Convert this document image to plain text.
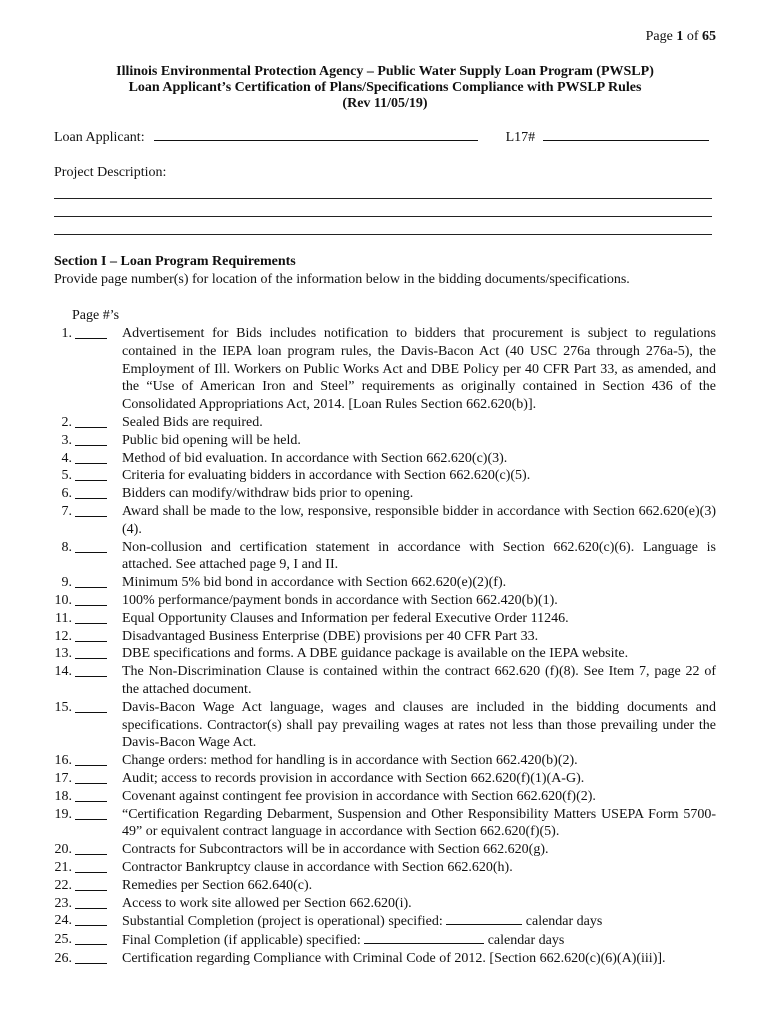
Page 1 of 65
Illinois Environmental Protection Agency – Public Water Supply Loan Program (PWSLP)
Loan Applicant’s Certification of Plans/Specifications Compliance with PWSLP Rules
(Rev 11/05/19)
Loan Applicant:	L17#
Project Description:
Section I – Loan Program Requirements
Provide page number(s) for location of the information below in the bidding documents/specifications.
Page #’s
1.	Advertisement for Bids includes notification to bidders that procurement is subject to regulations contained in the IEPA loan program rules, the Davis-Bacon Act (40 USC 276a through 276a-5), the Employment of Ill. Workers on Public Works Act and DBE Policy per 40 CFR Part 33, as amended, and the “Use of American Iron and Steel” requirements as originally contained in Section 436 of the Consolidated Appropriations Act, 2014. [Loan Rules Section 662.620(b)].
2.	Sealed Bids are required.
3.	Public bid opening will be held.
4.	Method of bid evaluation. In accordance with Section 662.620(c)(3).
5.	Criteria for evaluating bidders in accordance with Section 662.620(c)(5).
6.	Bidders can modify/withdraw bids prior to opening.
7.	Award shall be made to the low, responsive, responsible bidder in accordance with Section 662.620(e)(3)(4).
8.	Non-collusion and certification statement in accordance with Section 662.620(c)(6). Language is attached. See attached page 9, I and II.
9.	Minimum 5% bid bond in accordance with Section 662.620(e)(2)(f).
10.	100% performance/payment bonds in accordance with Section 662.420(b)(1).
11.	Equal Opportunity Clauses and Information per federal Executive Order 11246.
12.	Disadvantaged Business Enterprise (DBE) provisions per 40 CFR Part 33.
13.	DBE specifications and forms. A DBE guidance package is available on the IEPA website.
14.	The Non-Discrimination Clause is contained within the contract 662.620 (f)(8). See Item 7, page 22 of the attached document.
15.	Davis-Bacon Wage Act language, wages and clauses are included in the bidding documents and specifications. Contractor(s) shall pay prevailing wages at rates not less than those prevailing under the Davis-Bacon Wage Act.
16.	Change orders: method for handling is in accordance with Section 662.420(b)(2).
17.	Audit; access to records provision in accordance with Section 662.620(f)(1)(A-G).
18.	Covenant against contingent fee provision in accordance with Section 662.620(f)(2).
19.	“Certification Regarding Debarment, Suspension and Other Responsibility Matters USEPA Form 5700-49” or equivalent contract language in accordance with Section 662.620(f)(5).
20.	Contracts for Subcontractors will be in accordance with Section 662.620(g).
21.	Contractor Bankruptcy clause in accordance with Section 662.620(h).
22.	Remedies per Section 662.640(c).
23.	Access to work site allowed per Section 662.620(i).
24.	Substantial Completion (project is operational) specified:	calendar days
25.	Final Completion (if applicable) specified:	calendar days
26.	Certification regarding Compliance with Criminal Code of 2012. [Section 662.620(c)(6)(A)(iii)].
